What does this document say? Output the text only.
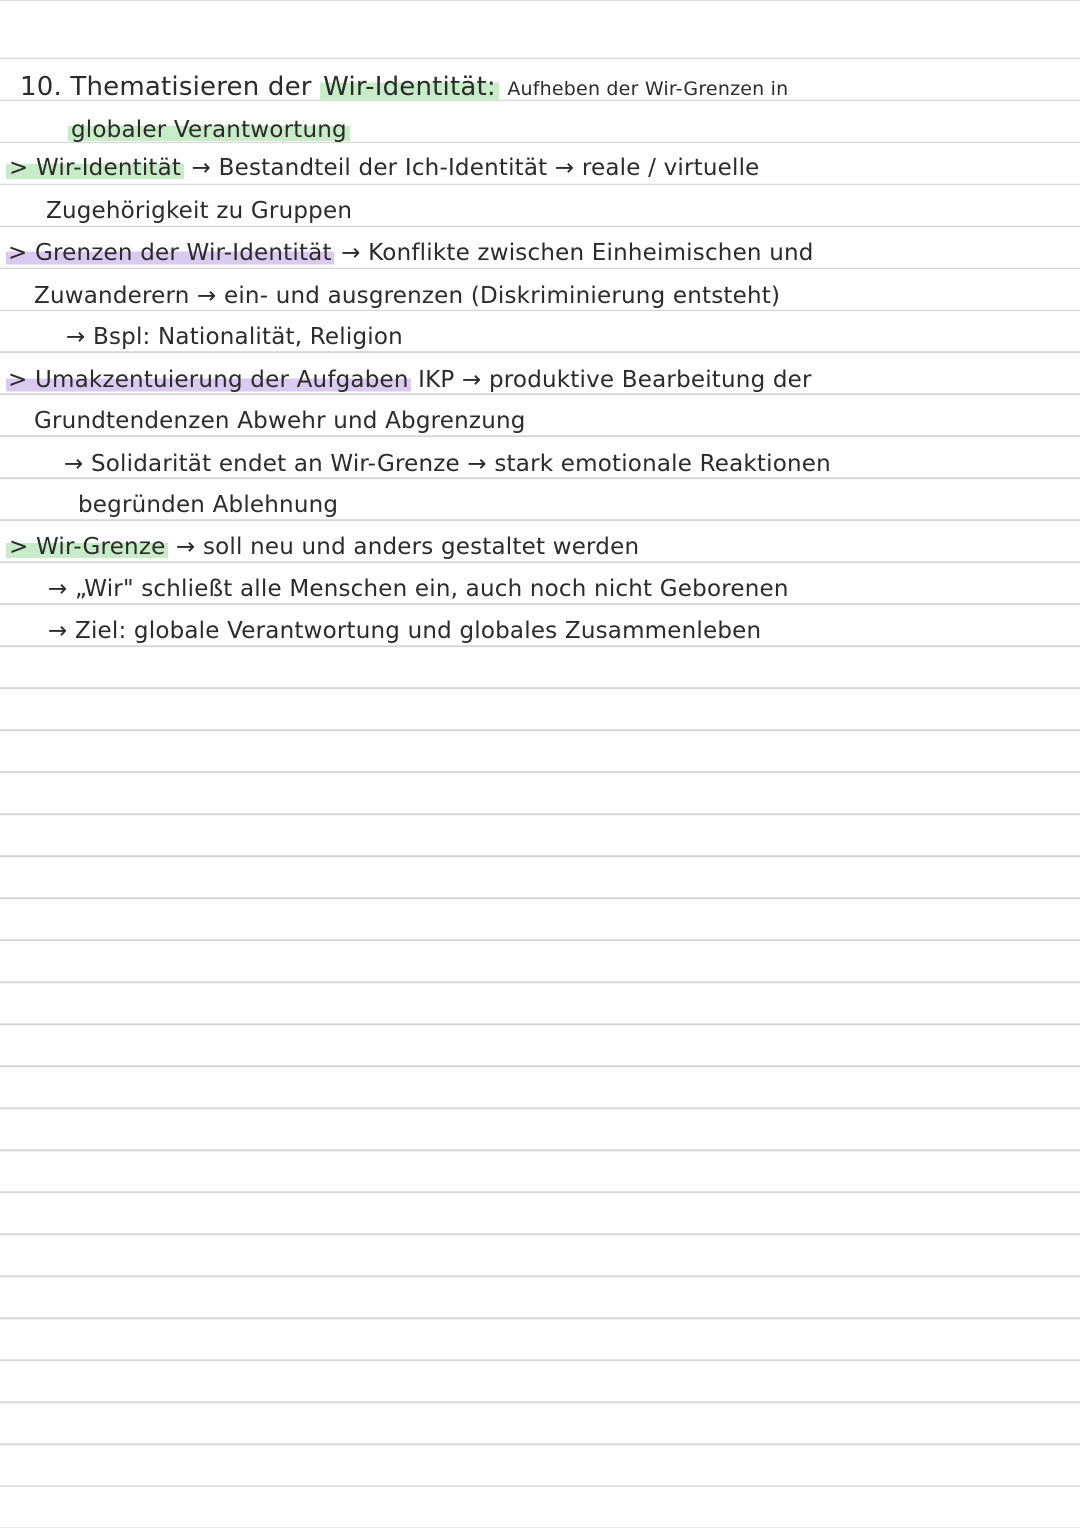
10. Thematisieren der Wir-Identität: Aufheben der Wir-Grenzen in
globaler Verantwortung
> Wir-Identität → Bestandteil der Ich-Identität → reale / virtuelle
Zugehörigkeit zu Gruppen
> Grenzen der Wir-Identität → Konflikte zwischen Einheimischen und
Zuwanderern → ein- und ausgrenzen (Diskriminierung entsteht)
→ Bspl: Nationalität, Religion
> Umakzentuierung der Aufgaben IKP → produktive Bearbeitung der
Grundtendenzen Abwehr und Abgrenzung
→ Solidarität endet an Wir-Grenze → stark emotionale Reaktionen
begründen Ablehnung
> Wir-Grenze → soll neu und anders gestaltet werden
→ „Wir" schließt alle Menschen ein, auch noch nicht Geborenen
→ Ziel: globale Verantwortung und globales Zusammenleben
